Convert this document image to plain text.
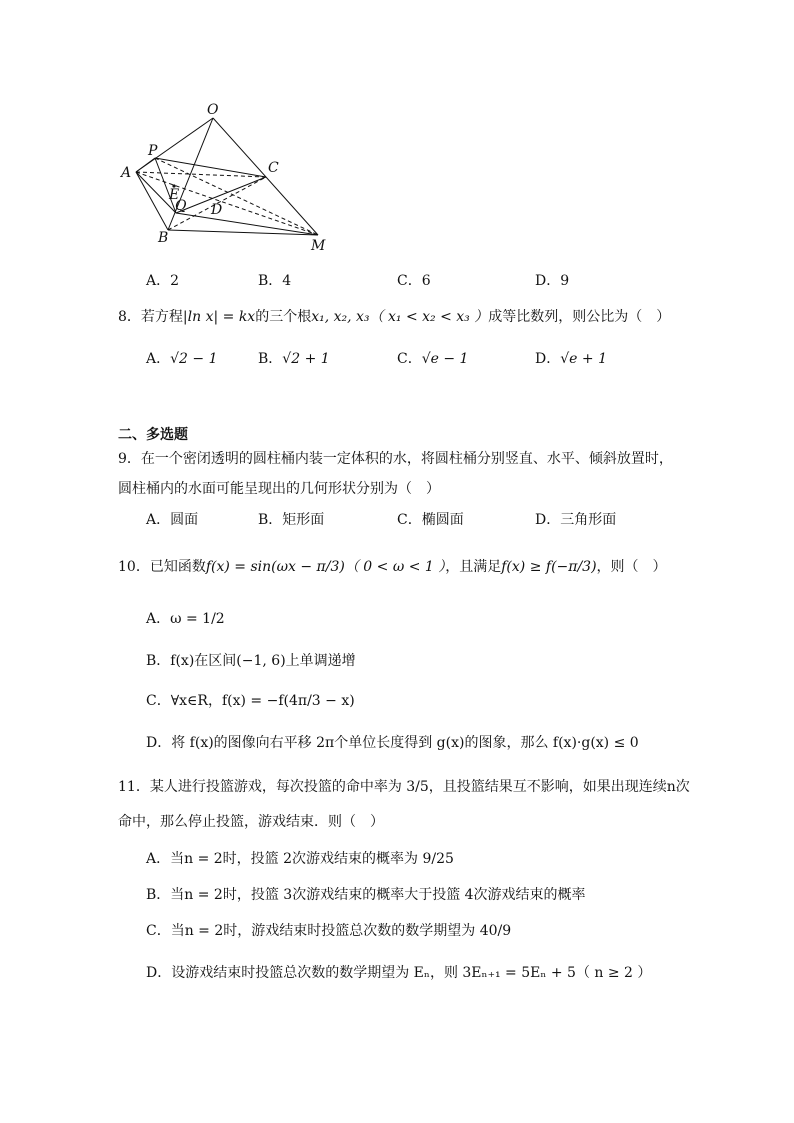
O
P
C
A
E
Q D
B	M
A．2	B．4	C．6	D．9
8．若方程|ln x| = kx的三个根x₁, x₂, x₃（ x₁ < x₂ < x₃ ）成等比数列，则公比为（　）
A．√2 − 1	B．√2 + 1	C．√e − 1	D．√e + 1
二、多选题
9．在一个密闭透明的圆柱桶内装一定体积的水，将圆柱桶分别竖直、水平、倾斜放置时，
圆柱桶内的水面可能呈现出的几何形状分别为（　）
A．圆面	B．矩形面	C．椭圆面	D．三角形面
10．已知函数f(x) = sin(ωx − π/3)（ 0 < ω < 1 ），且满足f(x) ≥ f(−π/3)，则（　）
A．ω = 1/2
B．f(x)在区间(−1, 6)上单调递增
C．∀x∈R，f(x) = −f(4π/3 − x)
D．将 f(x)的图像向右平移 2π个单位长度得到 g(x)的图象，那么 f(x)·g(x) ≤ 0
11．某人进行投篮游戏，每次投篮的命中率为 3/5，且投篮结果互不影响，如果出现连续n次
命中，那么停止投篮，游戏结束．则（　）
A．当n = 2时，投篮 2次游戏结束的概率为 9/25
B．当n = 2时，投篮 3次游戏结束的概率大于投篮 4次游戏结束的概率
C．当n = 2时，游戏结束时投篮总次数的数学期望为 40/9
D．设游戏结束时投篮总次数的数学期望为 Eₙ，则 3Eₙ₊₁ = 5Eₙ + 5（ n ≥ 2 ）
